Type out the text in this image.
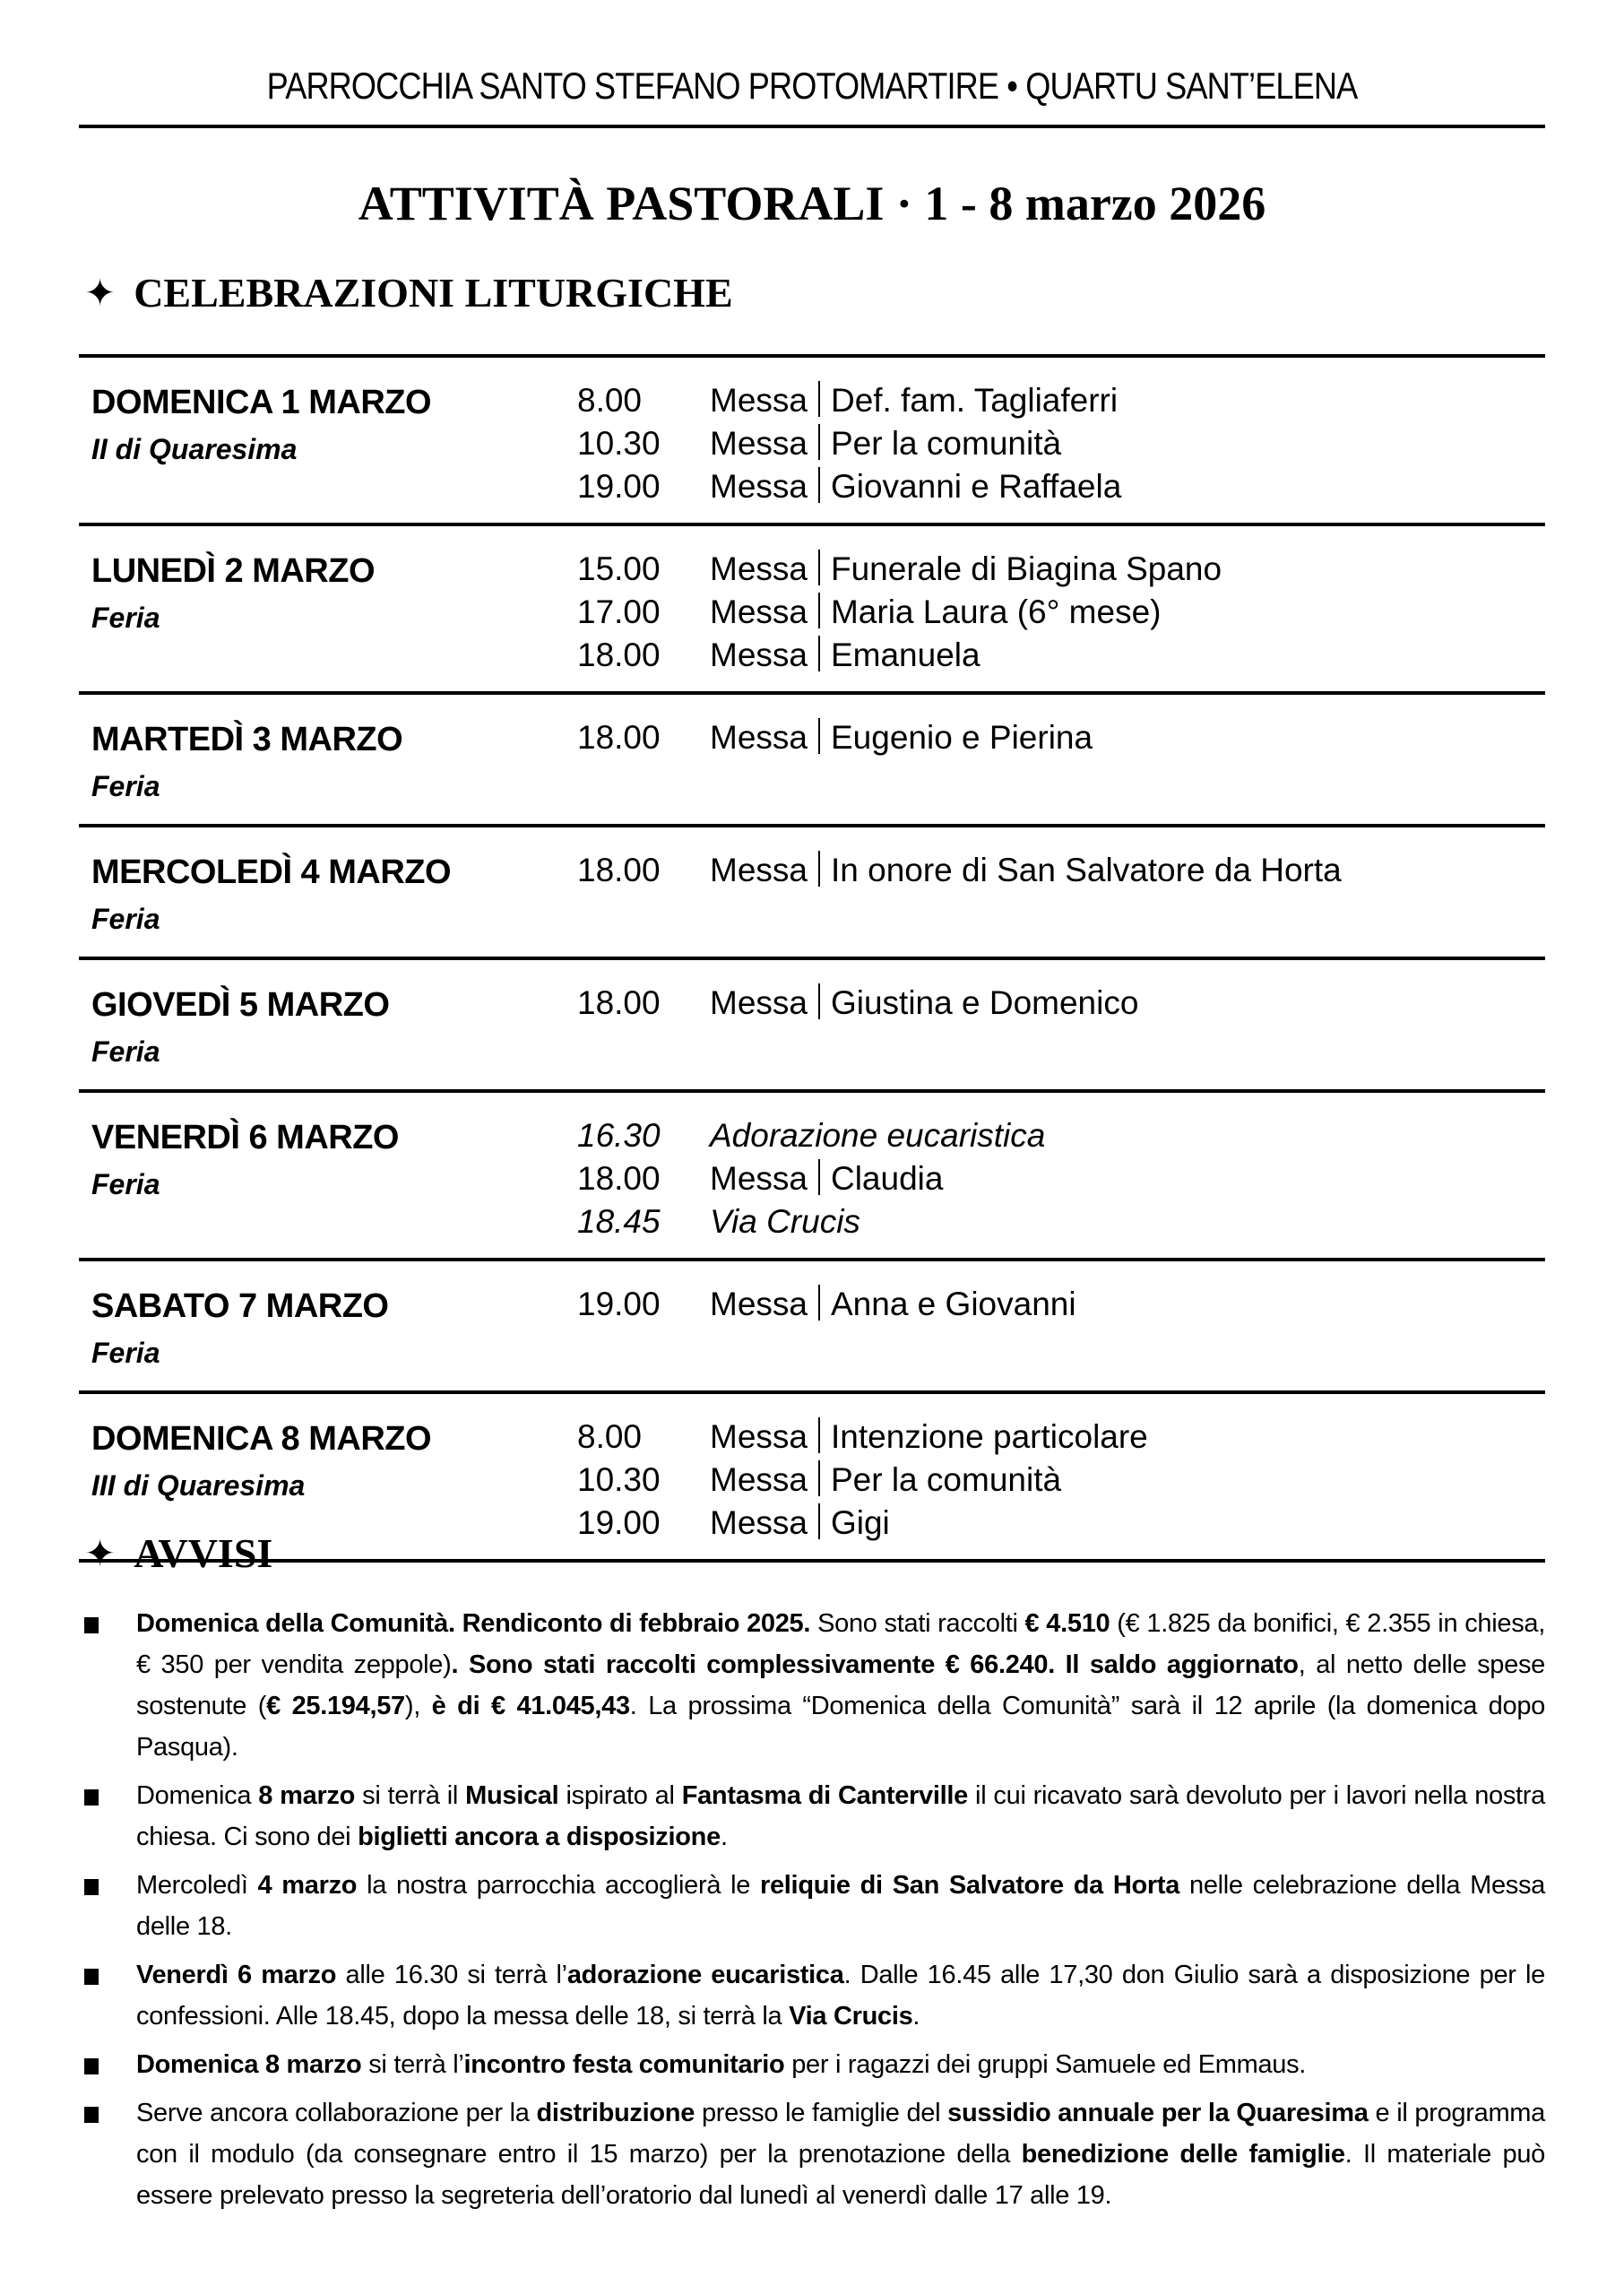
PARROCCHIA SANTO STEFANO PROTOMARTIRE • QUARTU SANT’ELENA
ATTIVITÀ PASTORALI · 1 - 8 marzo 2026
✦ CELEBRAZIONI LITURGICHE
DOMENICA 1 MARZO
II di Quaresima
8.00	Messa Def. fam. Tagliaferri
10.30	Messa Per la comunità
19.00	Messa Giovanni e Raffaela
LUNEDÌ 2 MARZO
Feria
15.00	Messa Funerale di Biagina Spano
17.00	Messa Maria Laura (6° mese)
18.00	Messa Emanuela
MARTEDÌ 3 MARZO
Feria
18.00	Messa Eugenio e Pierina
MERCOLEDÌ 4 MARZO
Feria
18.00	Messa In onore di San Salvatore da Horta
GIOVEDÌ 5 MARZO
Feria
18.00	Messa Giustina e Domenico
VENERDÌ 6 MARZO
Feria
16.30	Adorazione eucaristica
18.00	Messa Claudia
18.45	Via Crucis
SABATO 7 MARZO
Feria
19.00	Messa Anna e Giovanni
DOMENICA 8 MARZO
III di Quaresima
8.00	Messa Intenzione particolare
10.30	Messa Per la comunità
19.00	Messa Gigi
✦ AVVISI
Domenica della Comunità. Rendiconto di febbraio 2025. Sono stati raccolti € 4.510 (€ 1.825 da bonifici, € 2.355 in chiesa, € 350 per vendita zeppole). Sono stati raccolti complessivamente € 66.240. Il saldo aggiornato, al netto delle spese sostenute (€ 25.194,57), è di € 41.045,43. La prossima “Domenica della Comunità” sarà il 12 aprile (la domenica dopo Pasqua).
Domenica 8 marzo si terrà il Musical ispirato al Fantasma di Canterville il cui ricavato sarà devoluto per i lavori nella nostra chiesa. Ci sono dei biglietti ancora a disposizione.
Mercoledì 4 marzo la nostra parrocchia accoglierà le reliquie di San Salvatore da Horta nelle celebrazione della Messa delle 18.
Venerdì 6 marzo alle 16.30 si terrà l’adorazione eucaristica. Dalle 16.45 alle 17,30 don Giulio sarà a disposizione per le confessioni. Alle 18.45, dopo la messa delle 18, si terrà la Via Crucis.
Domenica 8 marzo si terrà l’incontro festa comunitario per i ragazzi dei gruppi Samuele ed Emmaus.
Serve ancora collaborazione per la distribuzione presso le famiglie del sussidio annuale per la Quaresima e il programma con il modulo (da consegnare entro il 15 marzo) per la prenotazione della benedizione delle famiglie. Il materiale può essere prelevato presso la segreteria dell’oratorio dal lunedì al venerdì dalle 17 alle 19.
